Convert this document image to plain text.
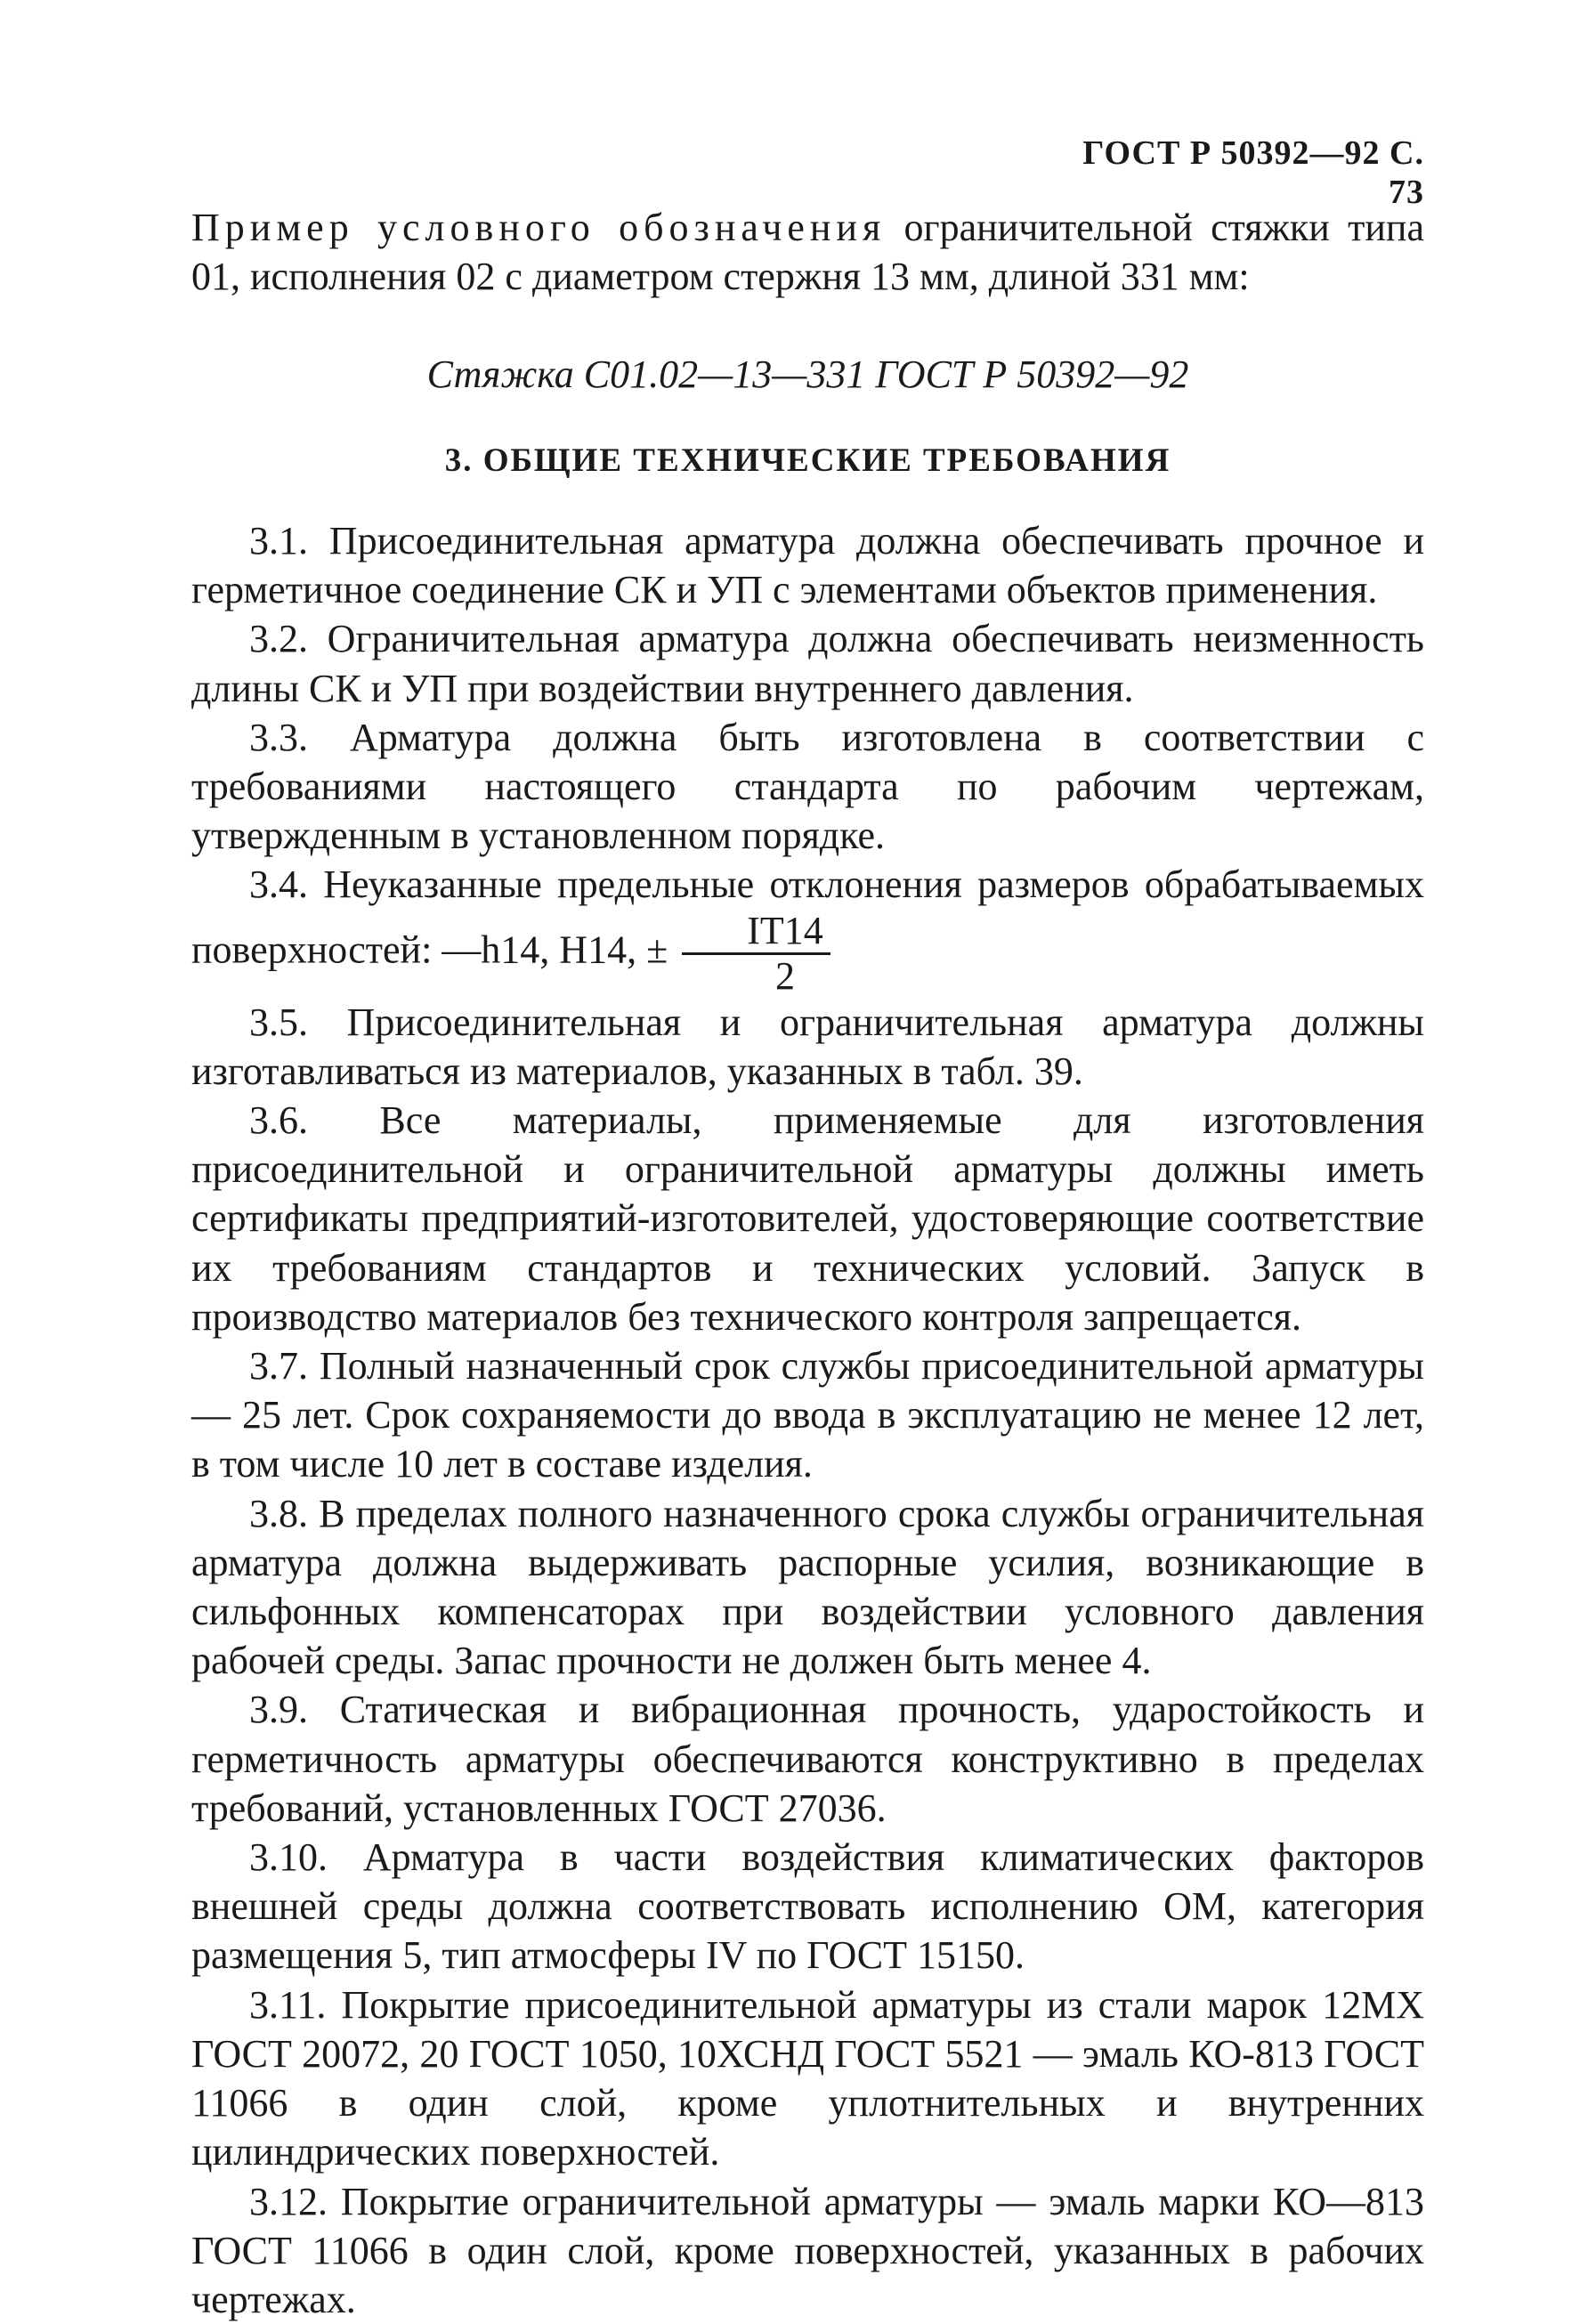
ГОСТ Р 50392—92 С. 73
Пример условного обозначения ограничительной стяжки типа 01, исполнения 02 с диаметром стержня 13 мм, длиной 331 мм:
Стяжка С01.02—13—331 ГОСТ Р 50392—92
3. ОБЩИЕ ТЕХНИЧЕСКИЕ ТРЕБОВАНИЯ

3.1. Присоединительная арматура должна обеспечивать прочное и герметичное соединение СК и УП с элементами объектов применения.

3.2. Ограничительная арматура должна обеспечивать неизменность длины СК и УП при воздействии внутреннего давления.

3.3. Арматура должна быть изготовлена в соответствии с требованиями настоящего стандарта по рабочим чертежам, утвержденным в установленном порядке.

3.4. Неуказанные предельные отклонения размеров обрабатываемых поверхностей: —h14, H14, ± $\frac{IT14}{2}$

3.5. Присоединительная и ограничительная арматура должны изготавливаться из материалов, указанных в табл. 39.

3.6. Все материалы, применяемые для изготовления присоединительной и ограничительной арматуры должны иметь сертификаты предприятий-изготовителей, удостоверяющие соответствие их требованиям стандартов и технических условий. Запуск в производство материалов без технического контроля запрещается.

3.7. Полный назначенный срок службы присоединительной арматуры — 25 лет. Срок сохраняемости до ввода в эксплуатацию не менее 12 лет, в том числе 10 лет в составе изделия.

3.8. В пределах полного назначенного срока службы ограничительная арматура должна выдерживать распорные усилия, возникающие в сильфонных компенсаторах при воздействии условного давления рабочей среды. Запас прочности не должен быть менее 4.

3.9. Статическая и вибрационная прочность, ударостойкость и герметичность арматуры обеспечиваются конструктивно в пределах требований, установленных ГОСТ 27036.

3.10. Арматура в части воздействия климатических факторов внешней среды должна соответствовать исполнению ОМ, категория размещения 5, тип атмосферы IV по ГОСТ 15150.

3.11. Покрытие присоединительной арматуры из стали марок 12МХ ГОСТ 20072, 20 ГОСТ 1050, 10ХСНД ГОСТ 5521 — эмаль КО-813 ГОСТ 11066 в один слой, кроме уплотнительных и внутренних цилиндрических поверхностей.

3.12. Покрытие ограничительной арматуры — эмаль марки КО—813 ГОСТ 11066 в один слой, кроме поверхностей, указанных в рабочих чертежах.
